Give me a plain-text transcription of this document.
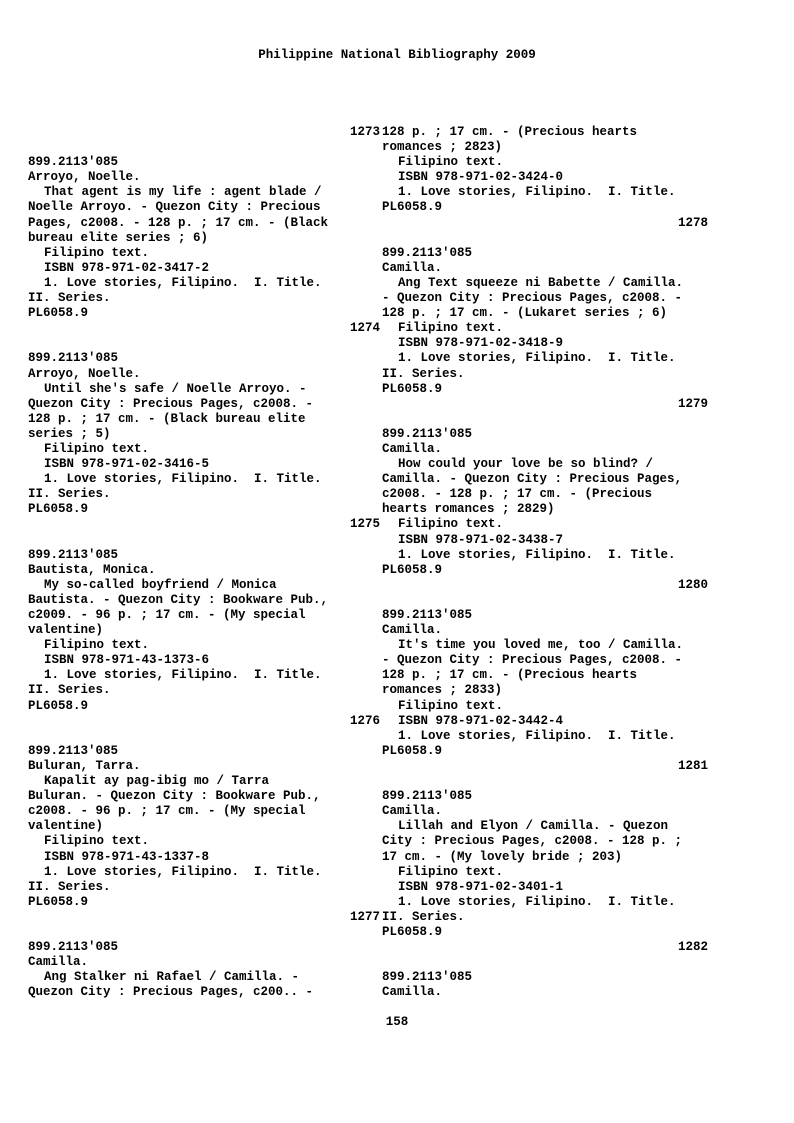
Philippine National Bibliography 2009
1273
899.2113'085
Arroyo, Noelle.
That agent is my life : agent blade /
Noelle Arroyo. - Quezon City : Precious
Pages, c2008. - 128 p. ; 17 cm. - (Black
bureau elite series ; 6)
Filipino text.
ISBN 978-971-02-3417-2
1. Love stories, Filipino.  I. Title.
II. Series.
PL6058.9
1274
899.2113'085
Arroyo, Noelle.
Until she's safe / Noelle Arroyo. -
Quezon City : Precious Pages, c2008. -
128 p. ; 17 cm. - (Black bureau elite
series ; 5)
Filipino text.
ISBN 978-971-02-3416-5
1. Love stories, Filipino.  I. Title.
II. Series.
PL6058.9
1275
899.2113'085
Bautista, Monica.
My so-called boyfriend / Monica
Bautista. - Quezon City : Bookware Pub.,
c2009. - 96 p. ; 17 cm. - (My special
valentine)
Filipino text.
ISBN 978-971-43-1373-6
1. Love stories, Filipino.  I. Title.
II. Series.
PL6058.9
1276
899.2113'085
Buluran, Tarra.
Kapalit ay pag-ibig mo / Tarra
Buluran. - Quezon City : Bookware Pub.,
c2008. - 96 p. ; 17 cm. - (My special
valentine)
Filipino text.
ISBN 978-971-43-1337-8
1. Love stories, Filipino.  I. Title.
II. Series.
PL6058.9
1277
899.2113'085
Camilla.
Ang Stalker ni Rafael / Camilla. -
Quezon City : Precious Pages, c200.. -
128 p. ; 17 cm. - (Precious hearts
romances ; 2823)
Filipino text.
ISBN 978-971-02-3424-0
1. Love stories, Filipino.  I. Title.
PL6058.9
1278
899.2113'085
Camilla.
Ang Text squeeze ni Babette / Camilla.
- Quezon City : Precious Pages, c2008. -
128 p. ; 17 cm. - (Lukaret series ; 6)
Filipino text.
ISBN 978-971-02-3418-9
1. Love stories, Filipino.  I. Title.
II. Series.
PL6058.9
1279
899.2113'085
Camilla.
How could your love be so blind? /
Camilla. - Quezon City : Precious Pages,
c2008. - 128 p. ; 17 cm. - (Precious
hearts romances ; 2829)
Filipino text.
ISBN 978-971-02-3438-7
1. Love stories, Filipino.  I. Title.
PL6058.9
1280
899.2113'085
Camilla.
It's time you loved me, too / Camilla.
- Quezon City : Precious Pages, c2008. -
128 p. ; 17 cm. - (Precious hearts
romances ; 2833)
Filipino text.
ISBN 978-971-02-3442-4
1. Love stories, Filipino.  I. Title.
PL6058.9
1281
899.2113'085
Camilla.
Lillah and Elyon / Camilla. - Quezon
City : Precious Pages, c2008. - 128 p. ;
17 cm. - (My lovely bride ; 203)
Filipino text.
ISBN 978-971-02-3401-1
1. Love stories, Filipino.  I. Title.
II. Series.
PL6058.9
1282
899.2113'085
Camilla.
158
